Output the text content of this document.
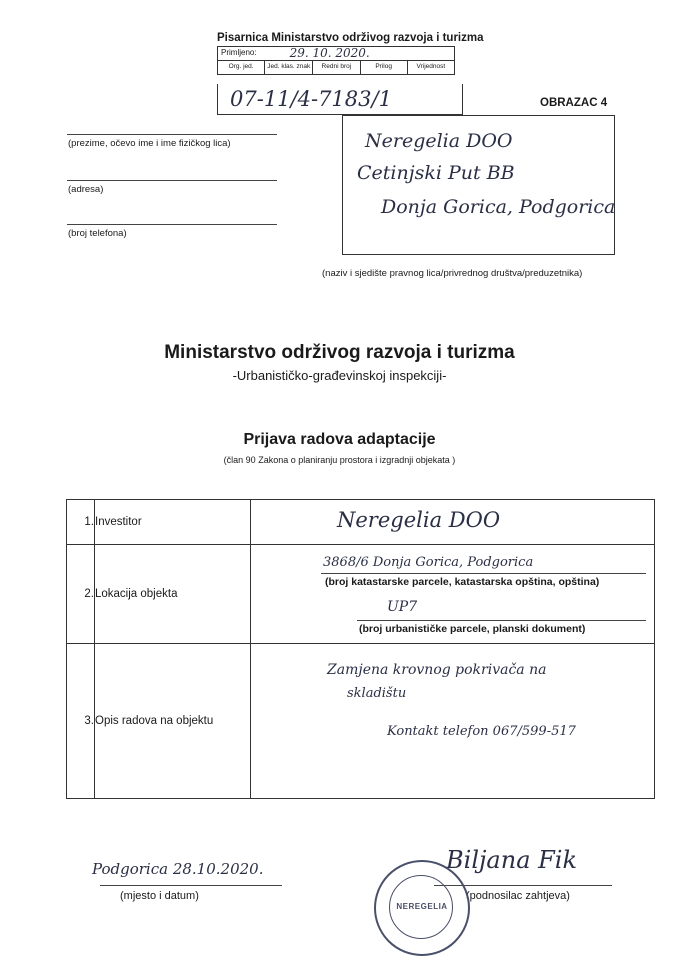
Pisarnica Ministarstvo održivog razvoja i turizma
Primljeno:	29. 10. 2020.
Org. jed.	Jed. klas. znak	Redni broj	Prilog	Vrijednost
07-11/4-7183/1	OBRAZAC 4
(prezime, očevo ime i ime fizičkog lica)
(adresa)
(broj telefona)
Neregelia DOO
Cetinjski Put BB
Donja Gorica, Podgorica
(naziv i sjedište pravnog lica/privrednog društva/preduzetnika)
Ministarstvo održivog razvoja i turizma
-Urbanističko-građevinskoj inspekciji-
Prijava radova adaptacije
(član 90 Zakona o planiranju prostora i izgradnji objekata )
1.	Investitor	Neregelia DOO

2.	Lokacija objekta	3868/6 Donja Gorica, Podgorica
(broj katastarske parcele, katastarska opština, opština)
UP7
(broj urbanističke parcele, planski dokument)

3.	Opis radova na objektu	Zamjena krovnog pokrivača na
skladištu
Kontakt telefon 067/599-517
Podgorica 28.10.2020.
(mjesto i datum)
Biljana Fik
(podnosilac zahtjeva)
NEREGELIA
